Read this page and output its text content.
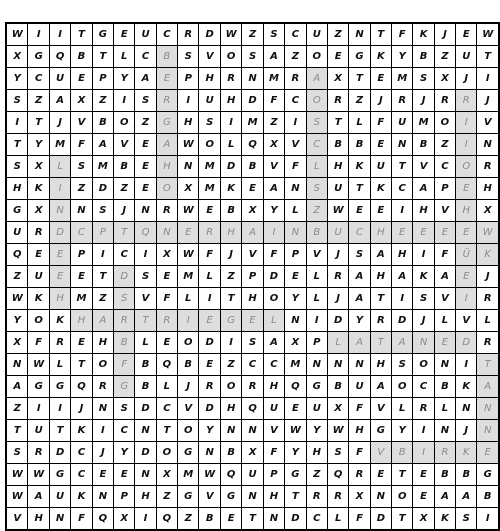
W	I	I	T	G	E	U	C	R	D	W	Z	S	C	U	Z	N	T	F	K	J	E	W
X	G	Q	B	T	L	C	B	S	V	O	S	A	Z	O	E	G	K	Y	B	Z	U	T
Y	C	U	E	P	Y	A	E	P	H	R	N	M	R	A	X	T	E	M	S	X	J	I
S	Z	A	X	Z	I	S	R	I	U	H	D	F	C	O	R	Z	J	R	J	R	R	J
I	T	J	V	B	O	Z	G	H	S	I	M	Z	I	S	T	L	F	U	M	O	I	V
T	Y	M	F	A	V	E	A	W	O	L	Q	X	V	C	B	B	E	N	B	Z	I	N
S	X	L	S	M	B	E	H	N	M	D	B	V	F	L	H	K	U	T	V	C	O	R
H	K	I	Z	D	Z	E	O	X	M	K	E	A	N	S	U	T	K	C	A	P	E	H
G	X	N	N	S	J	N	R	W	E	B	X	Y	L	Z	W	E	E	I	H	V	H	X
U	R	D	C	P	T	Q	N	E	R	H	A	I	N	B	U	C	H	E	E	E	E	W
Q	E	E	P	I	C	I	X	W	F	J	V	F	P	V	J	S	A	H	I	F	Ü	K
Z	U	E	E	T	D	S	E	M	L	Z	P	D	E	L	R	A	H	A	K	A	E	J
W	K	H	M	Z	S	V	F	L	I	T	H	O	Y	L	J	A	T	I	S	V	I	R
Y	O	K	H	A	R	T	R	I	E	G	E	L	N	I	D	Y	R	D	J	L	V	L
X	F	R	E	H	B	L	E	O	D	I	S	A	X	P	L	A	T	A	N	E	D	R
N	W	L	T	O	F	B	Q	B	E	Z	C	C	M	N	N	N	H	S	O	N	I	T
A	G	G	Q	R	G	B	L	J	R	O	R	H	Q	G	B	U	A	O	C	B	K	A
Z	I	I	J	N	S	D	C	V	D	H	Q	U	E	U	X	F	V	L	R	L	N	N
T	U	T	K	I	C	N	T	O	Y	N	N	V	W	Y	W	H	G	Y	I	N	J	N
S	R	D	C	J	Y	D	O	G	N	B	X	F	Y	H	S	F	V	B	I	R	K	E
W	W	G	C	E	E	N	X	M	W	Q	U	P	G	Z	Q	R	E	T	E	B	B	G
W	A	U	K	N	P	H	Z	G	V	G	N	H	T	R	R	X	N	O	E	A	A	B
V	H	N	F	Q	X	I	Q	Z	B	E	T	N	D	C	L	F	D	T	X	K	S	I
